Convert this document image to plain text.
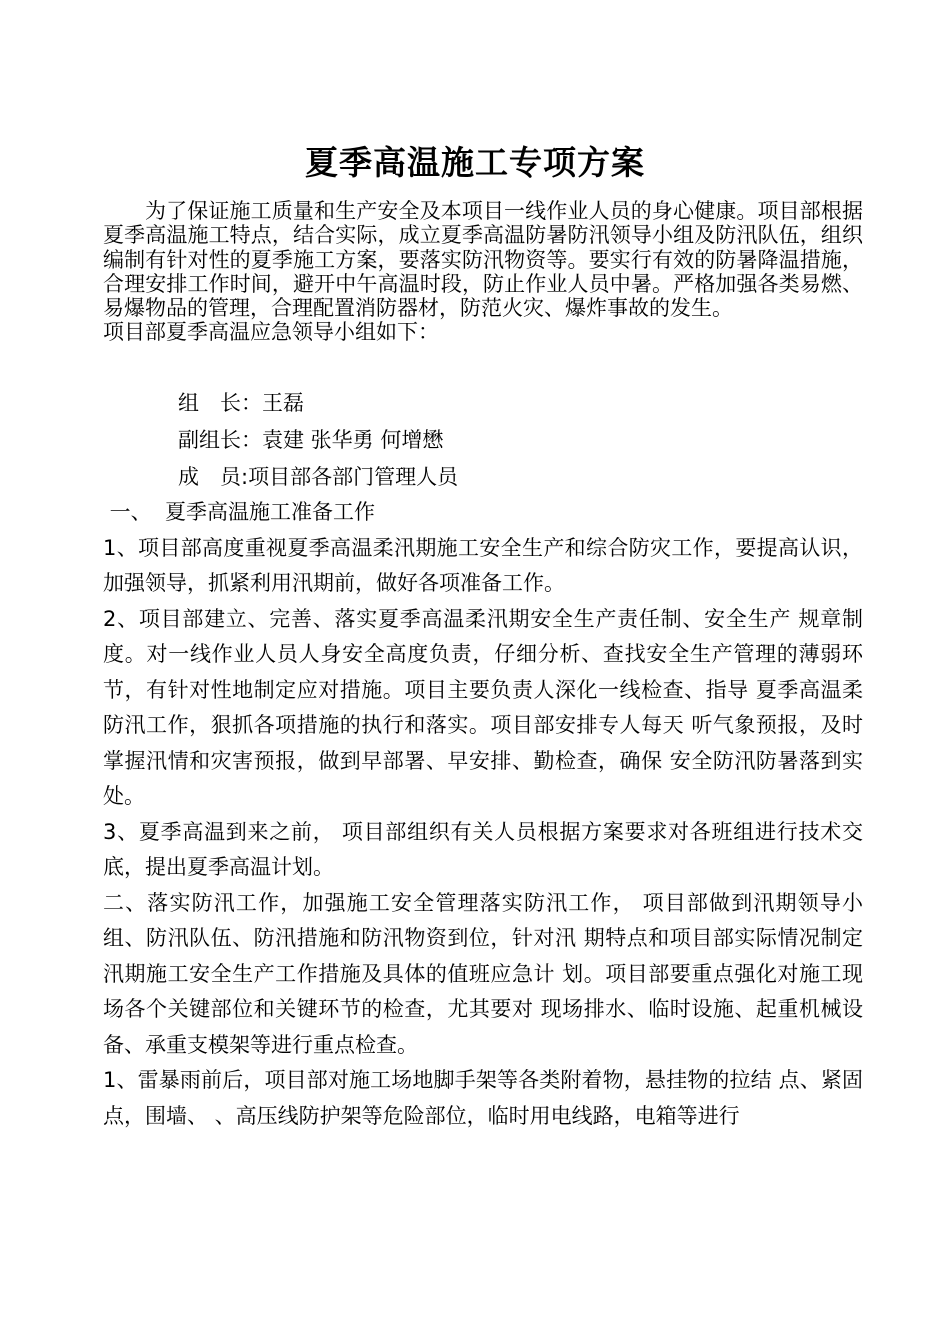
夏季高温施工专项方案

为了保证施工质量和生产安全及本项目一线作业人员的身心健康。项目部根据夏季高温施工特点，结合实际，成立夏季高温防暑防汛领导小组及防汛队伍，组织编制有针对性的夏季施工方案，要落实防汛物资等。要实行有效的防暑降温措施，合理安排工作时间，避开中午高温时段，防止作业人员中暑。严格加强各类易燃、易爆物品的管理，合理配置消防器材，防范火灾、爆炸事故的发生。

项目部夏季高温应急领导小组如下：
组　长：王磊
副组长：袁建 张华勇 何增懋
成　员:项目部各部门管理人员

一、  夏季高温施工准备工作

1、项目部高度重视夏季高温柔汛期施工安全生产和综合防灾工作，要提高认识，加强领导，抓紧利用汛期前，做好各项准备工作。

2、项目部建立、完善、落实夏季高温柔汛期安全生产责任制、安全生产 规章制度。对一线作业人员人身安全高度负责，仔细分析、查找安全生产管理的薄弱环节，有针对性地制定应对措施。项目主要负责人深化一线检查、指导 夏季高温柔防汛工作，狠抓各项措施的执行和落实。项目部安排专人每天 听气象预报，及时掌握汛情和灾害预报，做到早部署、早安排、勤检查，确保 安全防汛防暑落到实处。

3、夏季高温到来之前， 项目部组织有关人员根据方案要求对各班组进行技术交底，提出夏季高温计划。

二、落实防汛工作，加强施工安全管理落实防汛工作， 项目部做到汛期领导小组、防汛队伍、防汛措施和防汛物资到位，针对汛 期特点和项目部实际情况制定汛期施工安全生产工作措施及具体的值班应急计 划。项目部要重点强化对施工现场各个关键部位和关键环节的检查，尤其要对 现场排水、临时设施、起重机械设备、承重支模架等进行重点检查。

1、雷暴雨前后，项目部对施工场地脚手架等各类附着物，悬挂物的拉结 点、紧固点，围墙、 、高压线防护架等危险部位，临时用电线路，电箱等进行
